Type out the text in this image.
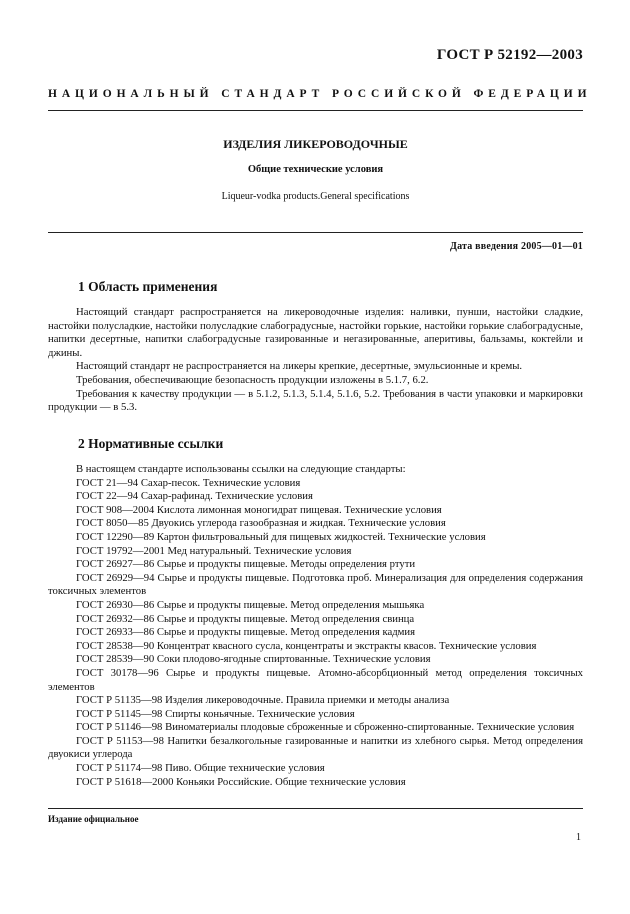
ГОСТ Р 52192—2003
НАЦИОНАЛЬНЫЙ СТАНДАРТ РОССИЙСКОЙ ФЕДЕРАЦИИ
ИЗДЕЛИЯ ЛИКЕРОВОДОЧНЫЕ
Общие технические условия
Liqueur-vodka products.General specifications
Дата введения 2005—01—01
1 Область применения

Настоящий стандарт распространяется на ликероводочные изделия: наливки, пунши, настойки сладкие, настойки полусладкие, настойки полусладкие слабоградусные, настойки горькие, настойки горькие слабоградусные, напитки десертные, напитки слабоградусные газированные и негазированные, аперитивы, бальзамы, коктейли и джины.

Настоящий стандарт не распространяется на ликеры крепкие, десертные, эмульсионные и кремы.

Требования, обеспечивающие безопасность продукции изложены в 5.1.7, 6.2.

Требования к качеству продукции — в 5.1.2, 5.1.3, 5.1.4, 5.1.6, 5.2. Требования в части упаковки и маркировки продукции — в 5.3.

2 Нормативные ссылки

В настоящем стандарте использованы ссылки на следующие стандарты:

ГОСТ 21—94 Сахар-песок. Технические условия

ГОСТ 22—94 Сахар-рафинад. Технические условия

ГОСТ 908—2004 Кислота лимонная моногидрат пищевая. Технические условия

ГОСТ 8050—85 Двуокись углерода газообразная и жидкая. Технические условия

ГОСТ 12290—89 Картон фильтровальный для пищевых жидкостей. Технические условия

ГОСТ 19792—2001 Мед натуральный. Технические условия

ГОСТ 26927—86 Сырье и продукты пищевые. Методы определения ртути

ГОСТ 26929—94 Сырье и продукты пищевые. Подготовка проб. Минерализация для определения содержания токсичных элементов

ГОСТ 26930—86 Сырье и продукты пищевые. Метод определения мышьяка

ГОСТ 26932—86 Сырье и продукты пищевые. Метод определения свинца

ГОСТ 26933—86 Сырье и продукты пищевые. Метод определения кадмия

ГОСТ 28538—90 Концентрат квасного сусла, концентраты и экстракты квасов. Технические условия

ГОСТ 28539—90 Соки плодово-ягодные спиртованные. Технические условия

ГОСТ 30178—96 Сырье и продукты пищевые. Атомно-абсорбционный метод определения токсичных элементов

ГОСТ Р 51135—98 Изделия ликероводочные. Правила приемки и методы анализа

ГОСТ Р 51145—98 Спирты коньячные. Технические условия

ГОСТ Р 51146—98 Виноматериалы плодовые сброженные и сброженно-спиртованные. Технические условия

ГОСТ Р 51153—98 Напитки безалкогольные газированные и напитки из хлебного сырья. Метод определения двуокиси углерода

ГОСТ Р 51174—98 Пиво. Общие технические условия

ГОСТ Р 51618—2000 Коньяки Российские. Общие технические условия

Издание официальное
1
